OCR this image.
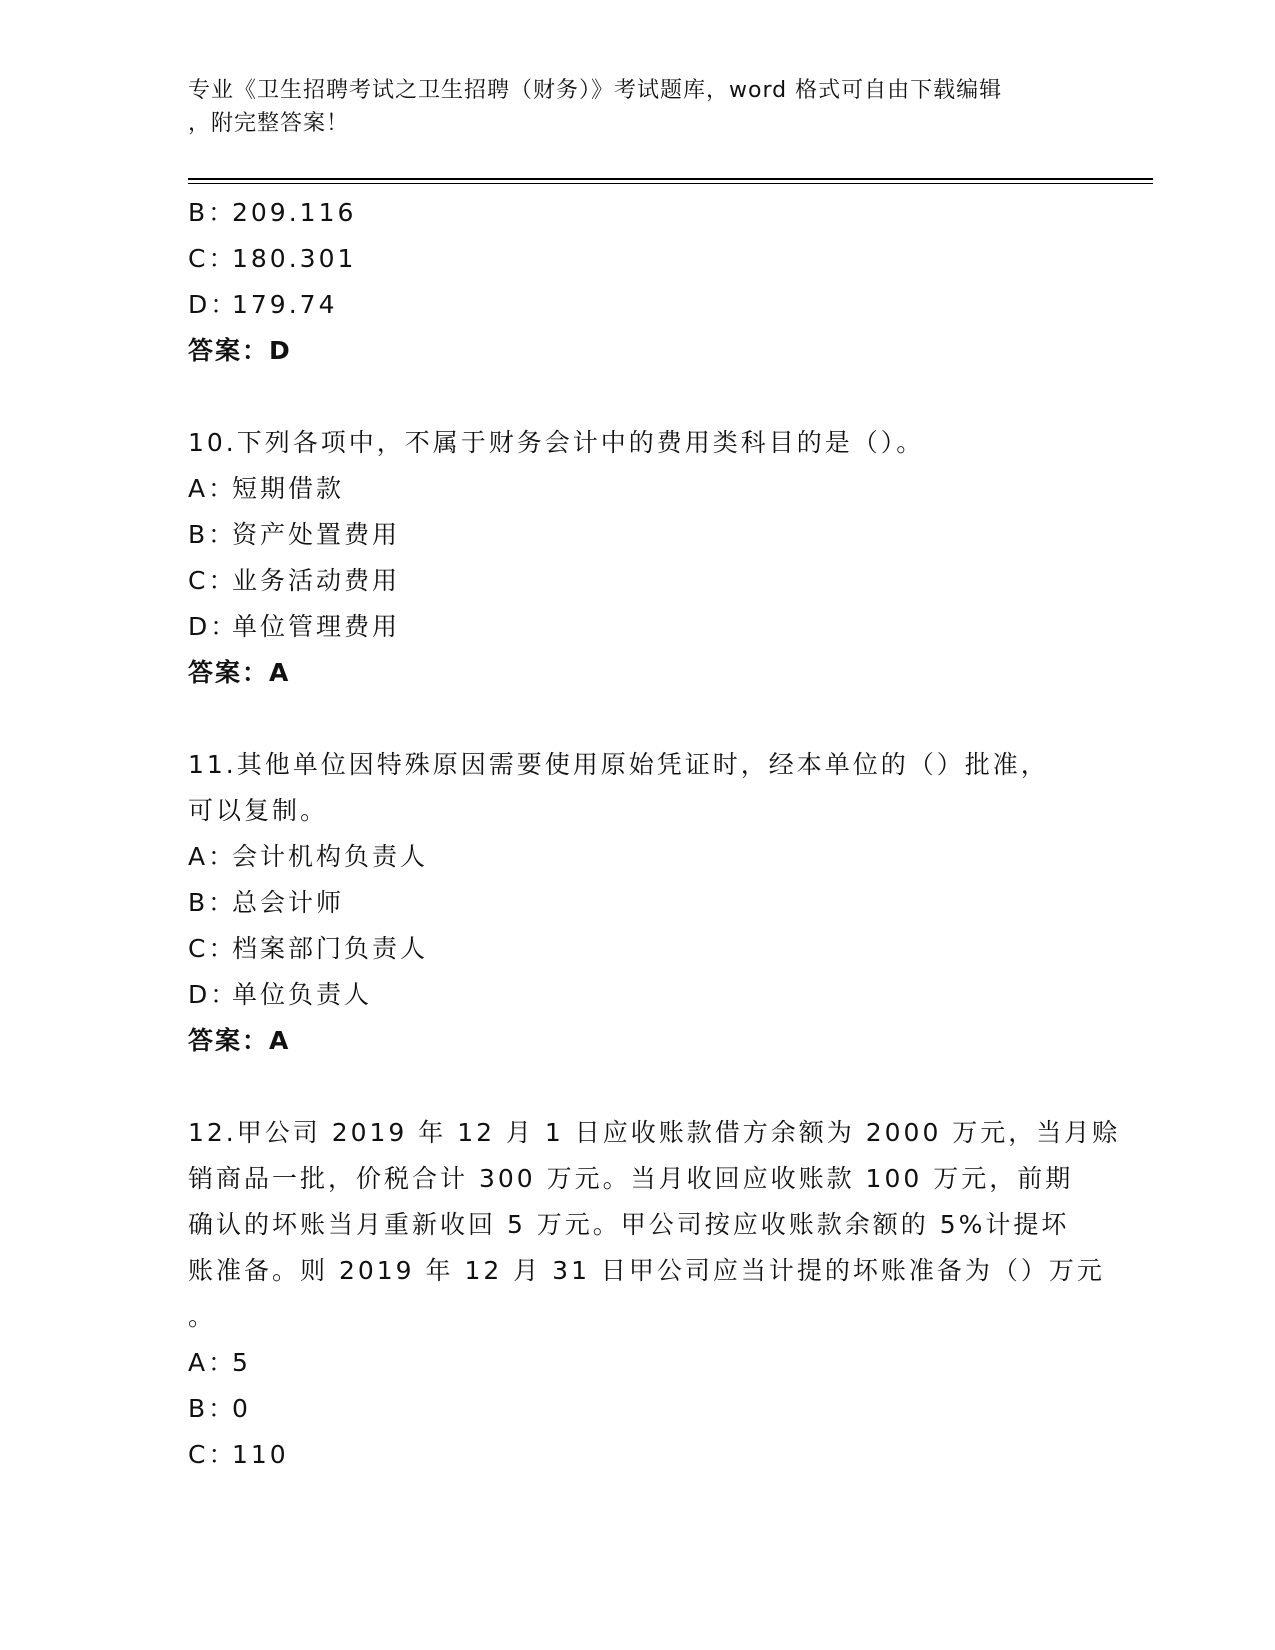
专业《卫生招聘考试之卫生招聘（财务）》考试题库，word 格式可自由下载编辑
，附完整答案！
B：209.116
C：180.301
D：179.74
答案：D
10.下列各项中，不属于财务会计中的费用类科目的是（）。
A：短期借款
B：资产处置费用
C：业务活动费用
D：单位管理费用
答案：A
11.其他单位因特殊原因需要使用原始凭证时，经本单位的（）批准，
可以复制。
A：会计机构负责人
B：总会计师
C：档案部门负责人
D：单位负责人
答案：A
12.甲公司 2019 年 12 月 1 日应收账款借方余额为 2000 万元，当月赊
销商品一批，价税合计 300 万元。当月收回应收账款 100 万元，前期
确认的坏账当月重新收回 5 万元。甲公司按应收账款余额的 5%计提坏
账准备。则 2019 年 12 月 31 日甲公司应当计提的坏账准备为（）万元
。
A：5
B：0
C：110
